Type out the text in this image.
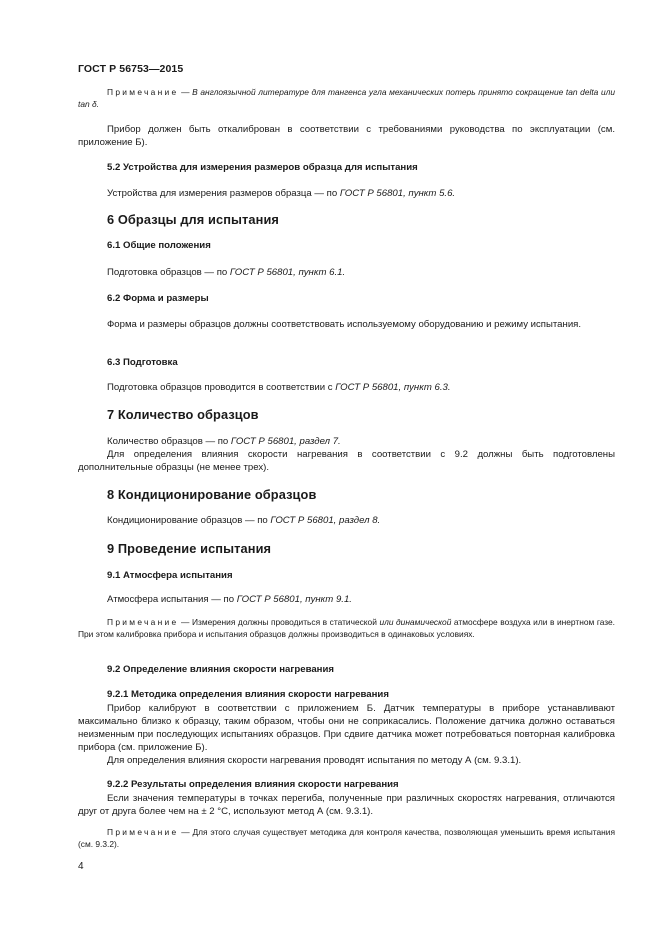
ГОСТ Р 56753—2015

Примечание — В англоязычной литературе для тангенса угла механических потерь принято сокращение tan delta или tan δ.

Прибор должен быть откалиброван в соответствии с требованиями руководства по эксплуатации (см. приложение Б).

5.2 Устройства для измерения размеров образца для испытания

Устройства для измерения размеров образца — по ГОСТ Р 56801, пункт 5.6.

6 Образцы для испытания
6.1 Общие положения

Подготовка образцов — по ГОСТ Р 56801, пункт 6.1.

6.2 Форма и размеры

Форма и размеры образцов должны соответствовать используемому оборудованию и режиму испытания.

6.3 Подготовка

Подготовка образцов проводится в соответствии с ГОСТ Р 56801, пункт 6.3.

7 Количество образцов

Количество образцов — по ГОСТ Р 56801, раздел 7.

Для определения влияния скорости нагревания в соответствии с 9.2 должны быть подготовлены дополнительные образцы (не менее трех).

8 Кондиционирование образцов

Кондиционирование образцов — по ГОСТ Р 56801, раздел 8.

9 Проведение испытания
9.1 Атмосфера испытания

Атмосфера испытания — по ГОСТ Р 56801, пункт 9.1.

Примечание — Измерения должны проводиться в статической или динамической атмосфере воздуха или в инертном газе. При этом калибровка прибора и испытания образцов должны производиться в одинаковых условиях.

9.2 Определение влияния скорости нагревания
9.2.1 Методика определения влияния скорости нагревания

Прибор калибруют в соответствии с приложением Б. Датчик температуры в приборе устанавливают максимально близко к образцу, таким образом, чтобы они не соприкасались. Положение датчика должно оставаться неизменным при последующих испытаниях образцов. При сдвиге датчика может потребоваться повторная калибровка прибора (см. приложение Б).

Для определения влияния скорости нагревания проводят испытания по методу А (см. 9.3.1).

9.2.2 Результаты определения влияния скорости нагревания

Если значения температуры в точках перегиба, полученные при различных скоростях нагревания, отличаются друг от друга более чем на ± 2 °C, используют метод А (см. 9.3.1).

Примечание — Для этого случая существует методика для контроля качества, позволяющая уменьшить время испытания (см. 9.3.2).

4
